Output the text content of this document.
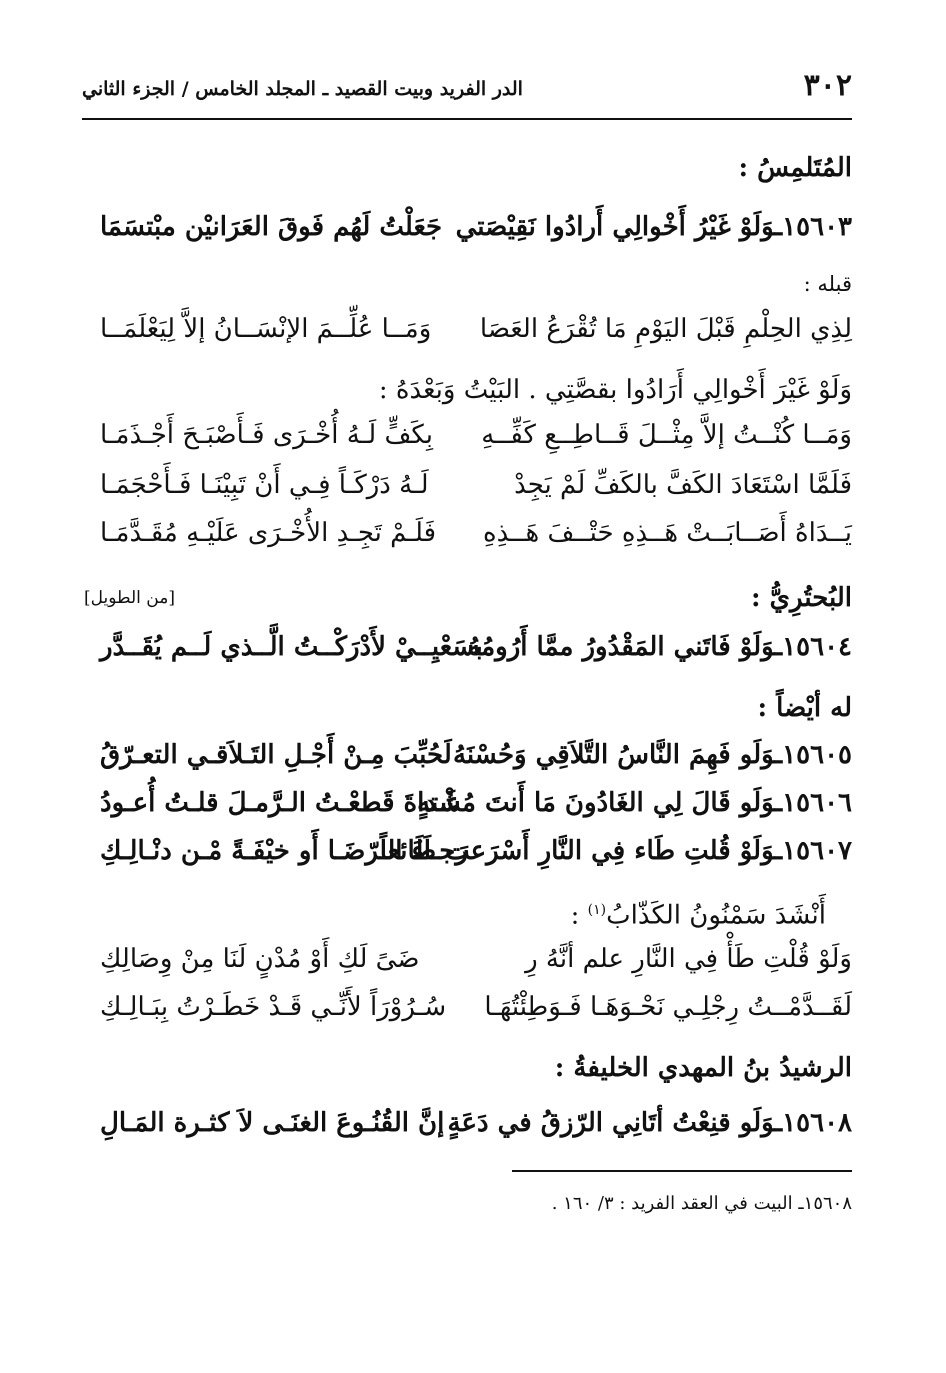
٣٠٢
الدر الفريد وبيت القصيد ـ المجلد الخامس / الجزء الثاني
المُتَلمِسُ :
١٥٦٠٣ـوَلَوْ غَيْرُ أَخْوالِي أَرادُوا نَقِيْصَتي
جَعَلْتُ لَهُم فَوقَ العَرَانيْن مبْتسَمَا
قبله :
لِذِي الحِلْمِ قَبْلَ اليَوْمِ مَا تُقْرَعُ العَصَا
وَمَــا عُلِّــمَ الإنْسَــانُ إلاَّ لِيَعْلَمَــا
وَلَوْ غَيْرَ أَخْوالِي أَرَادُوا بقصَّتِي . البَيْتُ وَبَعْدَهُ :
وَمَــا كُنْــتُ إلاَّ مِثْــلَ قَــاطِــعِ كَفِّــهِ
بِكَفٍّ لَـهُ أُخْـرَى فَـأَصْبَـحَ أَجْـذَمَـا
فَلَمَّا اسْتَعَادَ الكَفَّ بالكَفِّ لَمْ يَجِدْ
لَـهُ دَرْكَـاً فِـي أَنْ تَبِيْنَـا فَـأَحْجَمَـا
يَــدَاهُ أَصَــابَــتْ هَــذِهِ حَتْــفَ هَــذِهِ
فَلَـمْ تَجِـدِ الأُخْـرَى عَلَيْـهِ مُقَـدَّمَـا
البُحتُرِيُّ :
[من الطويل]
١٥٦٠٤ـوَلَوْ فَاتَني المَقْدُورُ ممَّا أَرُومُهُ
بسَعْيِــيْ لأَدْرَكْــتُ الَّــذي لَــم يُقَــدَّر
له أيْضاً :
١٥٦٠٥ـوَلَو فَهِمَ النَّاسُ التَّلاَقِي وَحُسْنَهُ
لَحُبِّبَ مِـنْ أَجْـلِ التَـلاَقـي التعـرّقُ
١٥٦٠٦ـوَلَو قَالَ لِي الغَادُونَ مَا أَنتَ مُشْتهٍ
غَـداةَ قَطعْـتُ الـرَّمـلَ قلـتُ أُعـودُ
١٥٦٠٧ـوَلَوْ قُلتِ طَاء فِي النَّارِ أَسْرَعت طَائعاً
رَجـاَءَ الـرّضَـا أَو خيْفَـةً مْـن دنْـالِـكِ
أَنْشَدَ سَمْنُونُ الكَذّابُ$^{(١)}$ :
وَلَوْ قُلْتِ طَأْ فِي النَّارِ علم أنَّهُ رِ
ضَىً لَكِ أَوْ مُدْنٍ لَنَا مِنْ وِصَالِكِ
لَقَــدَّمْــتُ رِجْلِـي نَحْـوَهَـا فَـوَطِئْتُهَـا
سُـرُوْرَاً لأَنِّـي قَـدْ خَطَـرْتُ بِبَـالِـكِ
الرشيدُ بنُ المهدي الخليفةُ :
١٥٦٠٨ـوَلَو قنِعْتُ أتَانِي الرّزقُ في دَعَةٍ
إنَّ القُنُـوعَ الغنَـى لاَ كثـرة المَـالِ
١٥٦٠٨ـ البيت في العقد الفريد : ٣/ ١٦٠ .
